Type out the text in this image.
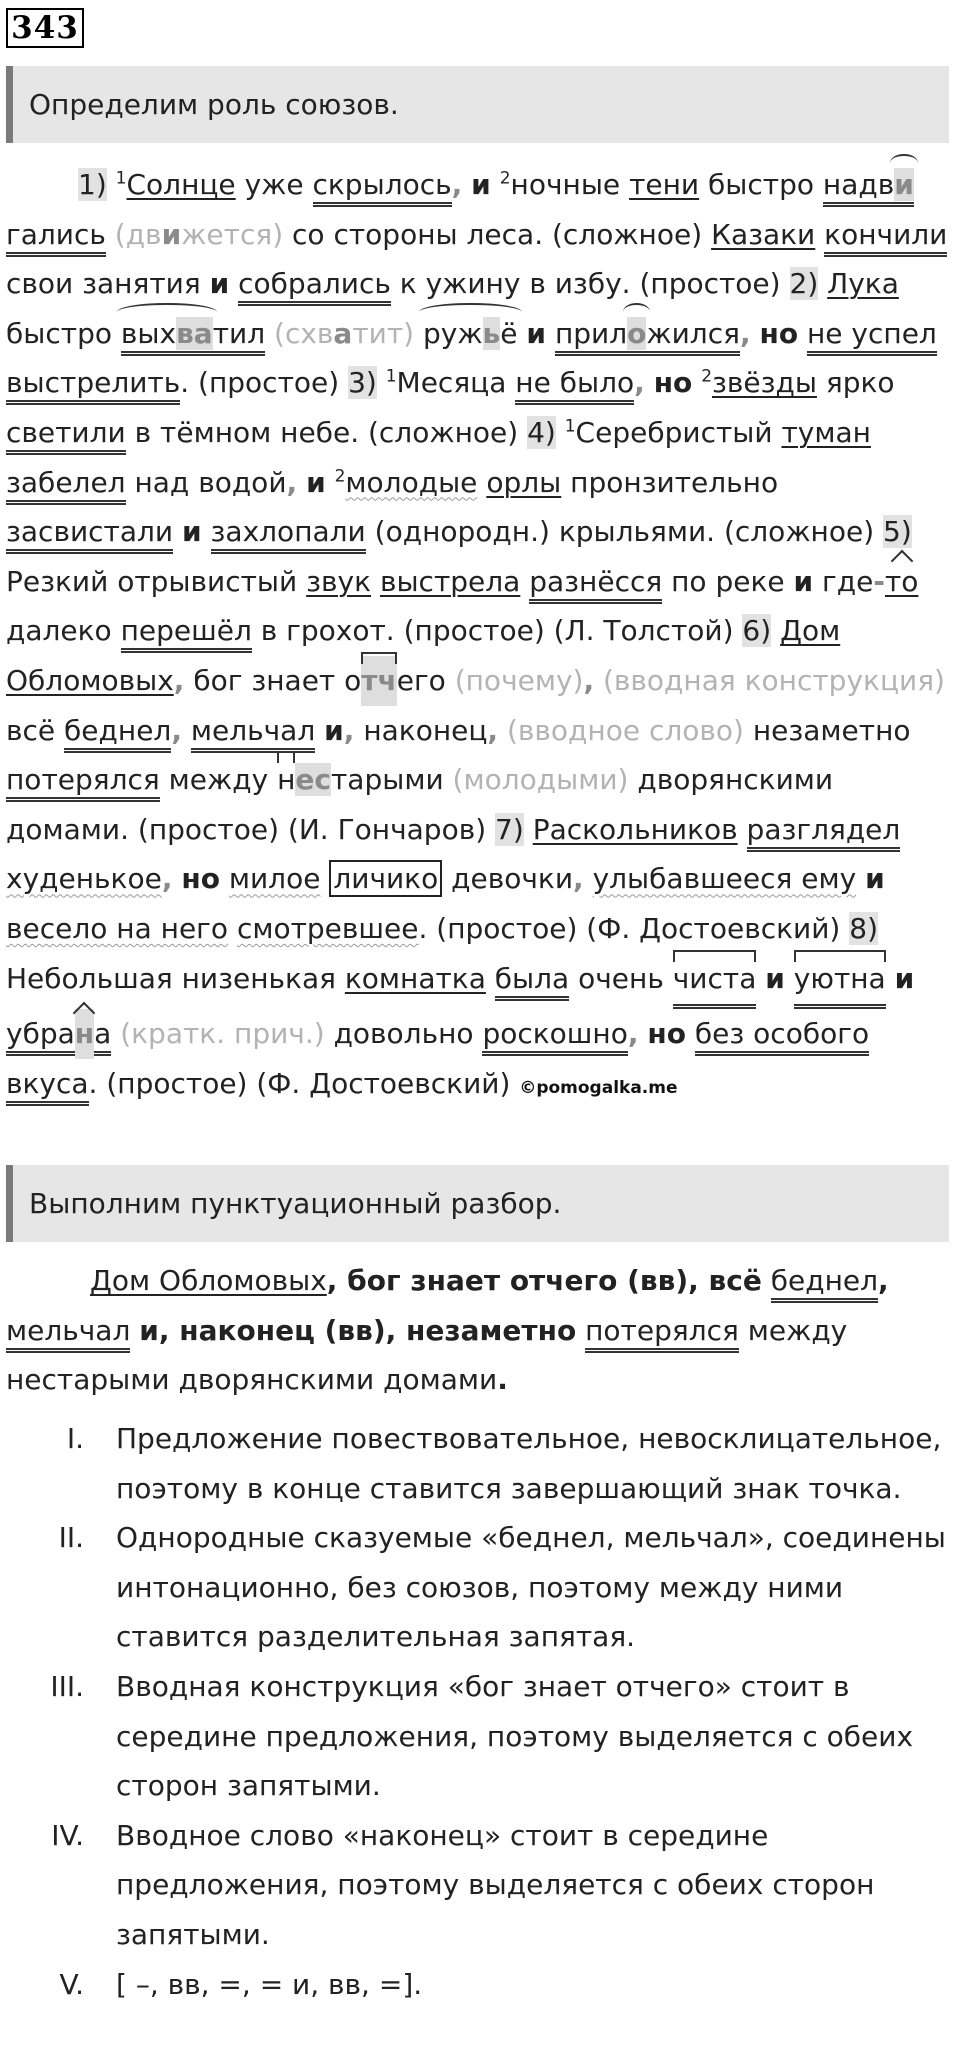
343
Определим роль союзов.

1) $^1$Солнце уже скрылось, и $^2$ночные тени быстро надвигались (движется) со стороны леса. (сложное) Казаки кончили свои занятия и собрались к ужину в избу. (простое) 2) Лука быстро выхватил (схватит) ружьё и приложился, но не успел выстрелить. (простое) 3) $^1$Месяца не было, но $^2$звёзды ярко светили в тёмном небе. (сложное) 4) $^1$Серебристый туман забелел над водой, и $^2$молодые орлы пронзительно засвистали и захлопали (однородн.) крыльями. (сложное) 5) Резкий отрывистый звук выстрела разнёсся по реке и где-то далеко перешёл в грохот. (простое) (Л. Толстой) 6) Дом Обломовых, бог знает отчего (почему), (вводная конструкция) всё беднел, мельчал и, наконец, (вводное слово) незаметно потерялся между нестарыми (молодыми) дворянскими домами. (простое) (И. Гончаров) 7) Раскольников разглядел худенькое, но милое личико девочки, улыбавшееся ему и весело на него смотревшее. (простое) (Ф. Достоевский) 8) Небольшая низенькая комнатка была очень чиста и уютна и убрана (кратк. прич.) довольно роскошно, но без особого вкуса. (простое) (Ф. Достоевский) ©pomogalka.me

Выполним пунктуационный разбор.

Дом Обломовых, бог знает отчего (вв), всё беднел, мельчал и, наконец (вв), незаметно потерялся между нестарыми дворянскими домами.

I. Предложение повествовательное, невосклицательное, поэтому в конце ставится завершающий знак точка.
II. Однородные сказуемые «беднел, мельчал», соединены интонационно, без союзов, поэтому между ними ставится разделительная запятая.
III. Вводная конструкция «бог знает отчего» стоит в середине предложения, поэтому выделяется с обеих сторон запятыми.
IV. Вводное слово «наконец» стоит в середине предложения, поэтому выделяется с обеих сторон запятыми.
V. [ –, вв, =, = и, вв, =].
